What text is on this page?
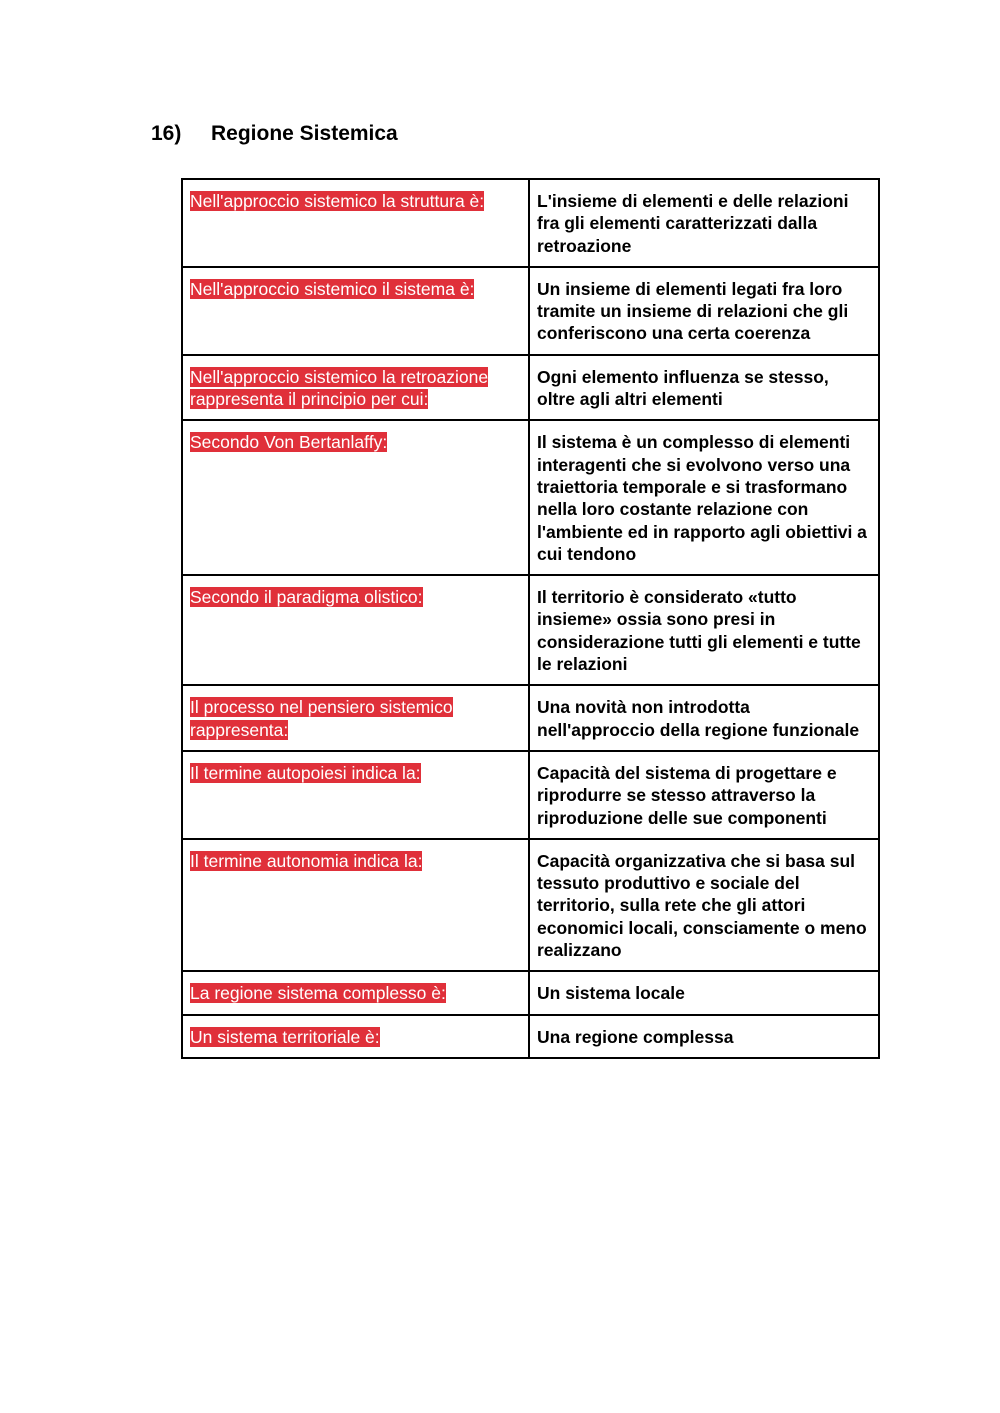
16)	Regione Sistemica
Nell'approccio sistemico la struttura è:	L'insieme di elementi e delle relazioni fra gli elementi caratterizzati dalla retroazione
Nell'approccio sistemico il sistema è:	Un insieme di elementi legati fra loro tramite un insieme di relazioni che gli conferiscono una certa coerenza
Nell'approccio sistemico la retroazione rappresenta il principio per cui:	Ogni elemento influenza se stesso, oltre agli altri elementi
Secondo Von Bertanlaffy:	Il sistema è un complesso di elementi interagenti che si evolvono verso una traiettoria temporale e si trasformano nella loro costante relazione con l'ambiente ed in rapporto agli obiettivi a cui tendono
Secondo il paradigma olistico:	Il territorio è considerato «tutto insieme» ossia sono presi in considerazione tutti gli elementi e tutte le relazioni
Il processo nel pensiero sistemico rappresenta:	Una novità non introdotta nell'approccio della regione funzionale
Il termine autopoiesi indica la:	Capacità del sistema di progettare e riprodurre se stesso attraverso la riproduzione delle sue componenti
Il termine autonomia indica la:	Capacità organizzativa che si basa sul tessuto produttivo e sociale del territorio, sulla rete che gli attori economici locali, consciamente o meno realizzano
La regione sistema complesso è:	Un sistema locale
Un sistema territoriale è:	Una regione complessa
